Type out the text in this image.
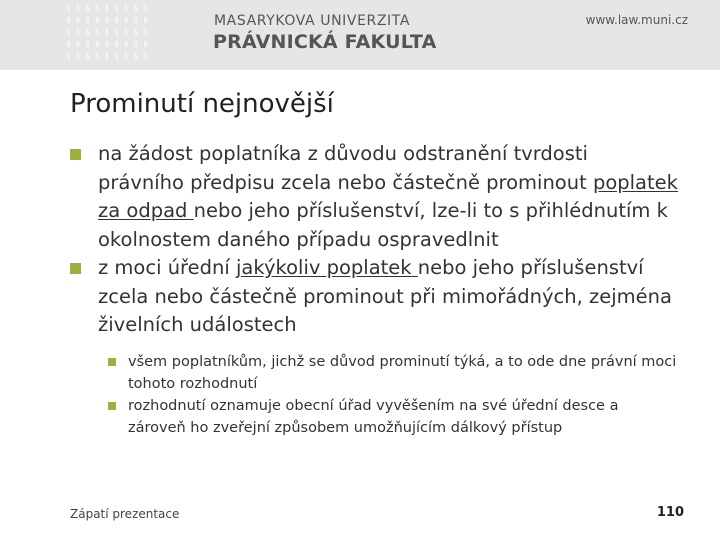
§ § § § § § § § §
§ § § § § § § § §
§ § § § § § § § §
§ § § § § § § § §
§ § § § § § § § §
MASARYKOVA UNIVERZITA
PRÁVNICKÁ FAKULTA
www.law.muni.cz
Prominutí nejnovější
na žádost poplatníka z důvodu odstranění tvrdosti právního předpisu zcela nebo částečně prominout poplatek za odpad nebo jeho příslušenství, lze-li to s přihlédnutím k okolnostem daného případu ospravedlnit
z moci úřední jakýkoliv poplatek nebo jeho příslušenství zcela nebo částečně prominout při mimořádných, zejména živelních událostech
všem poplatníkům, jichž se důvod prominutí týká, a to ode dne právní moci tohoto rozhodnutí
rozhodnutí oznamuje obecní úřad vyvěšením na své úřední desce a zároveň ho zveřejní způsobem umožňujícím dálkový přístup
Zápatí prezentace	110
